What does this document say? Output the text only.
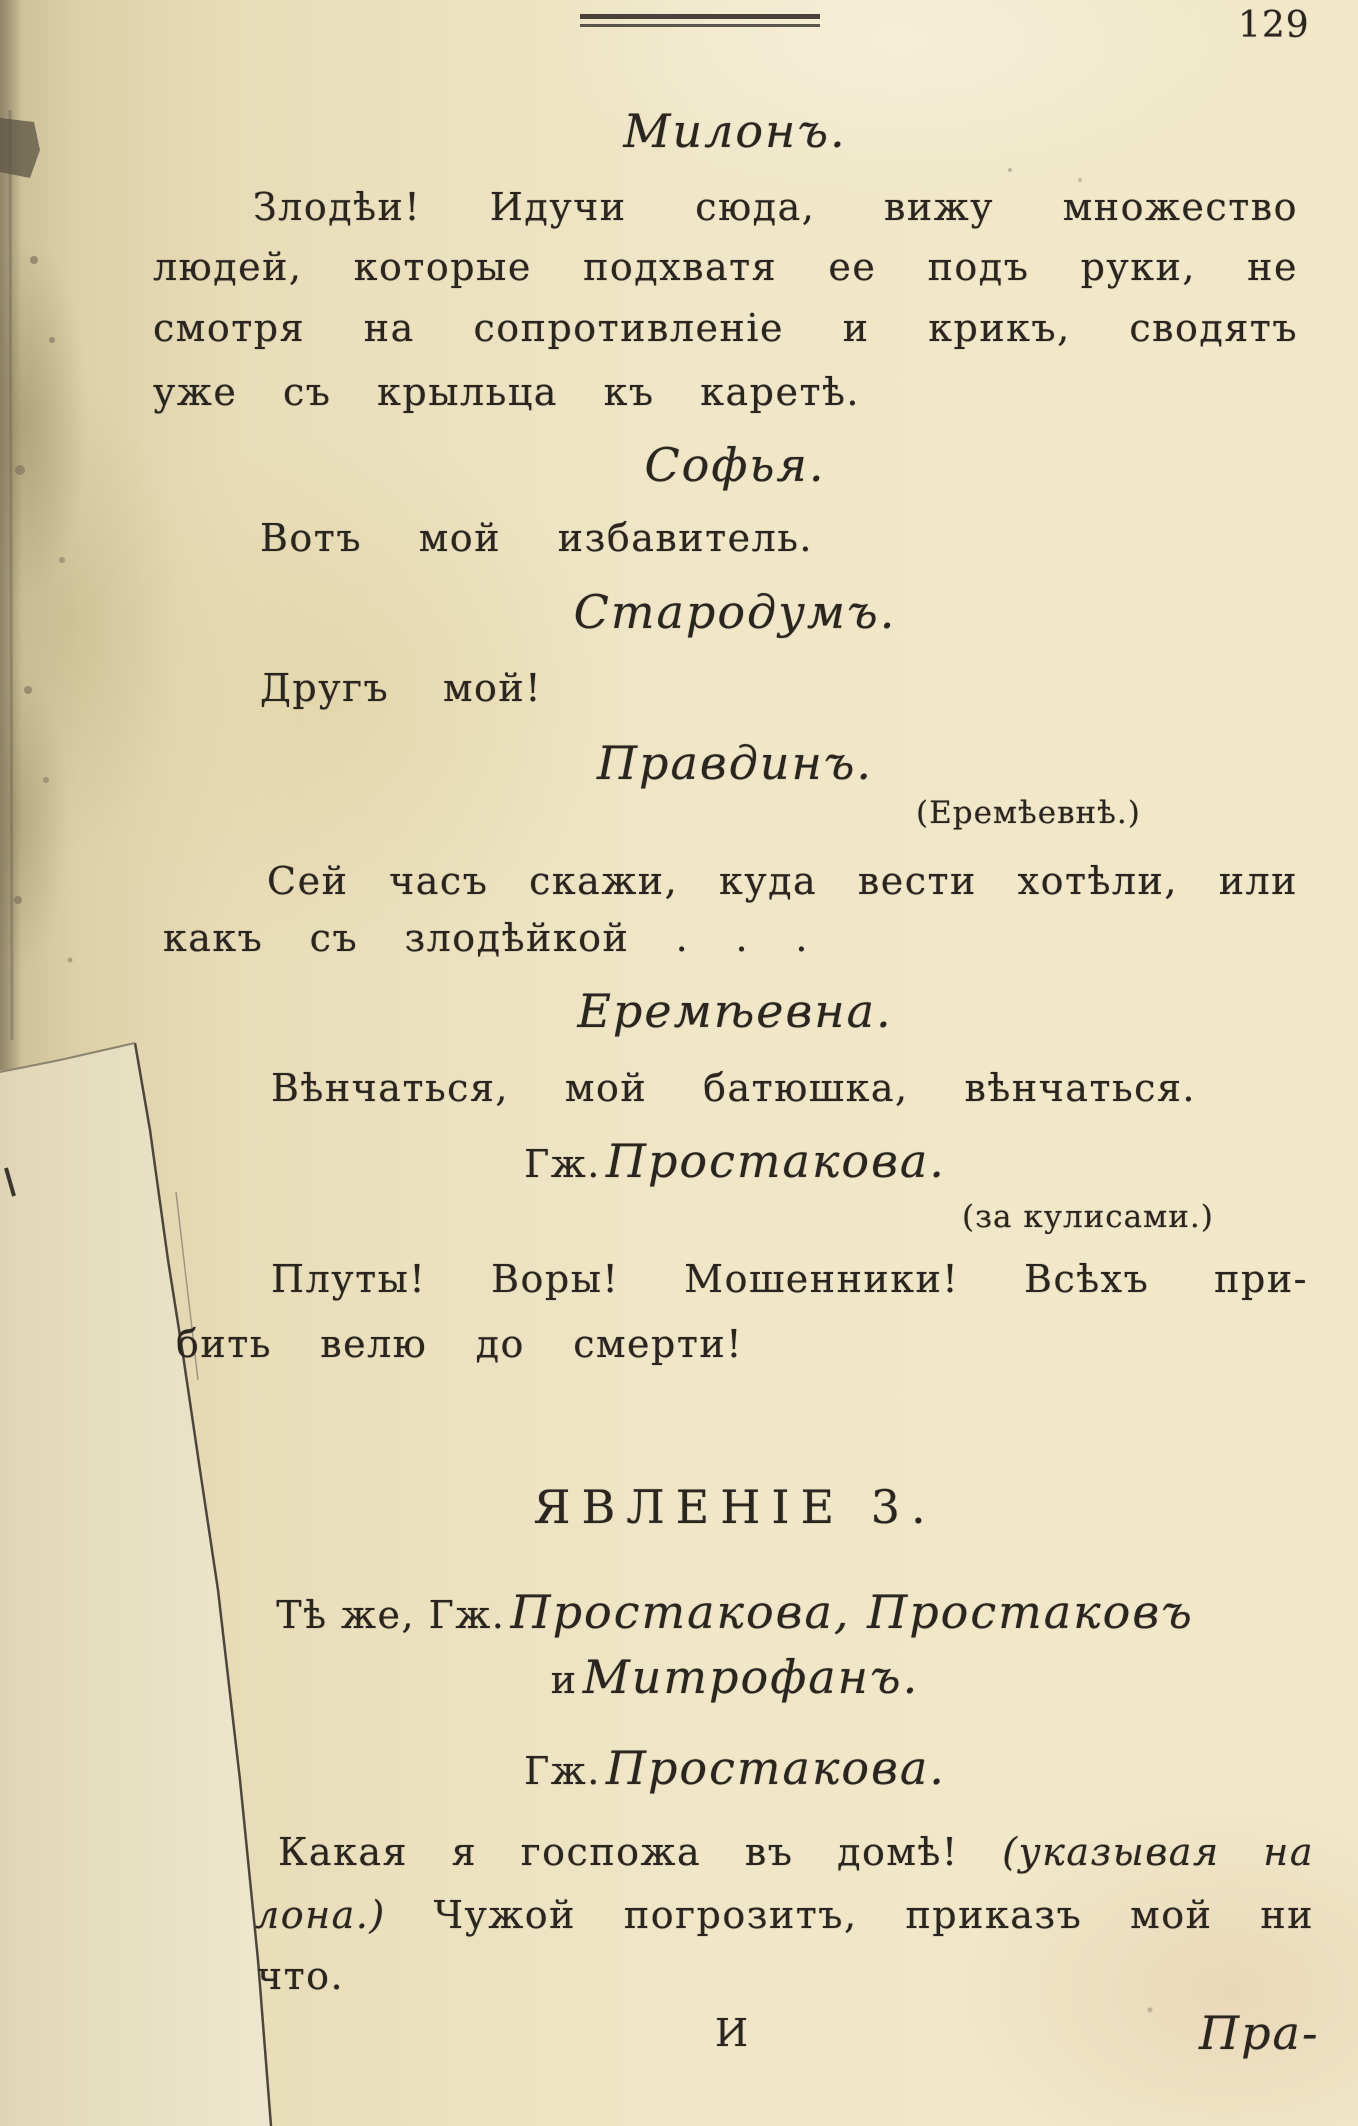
129
Милонъ.
Злодѣи! Идучи сюда, вижу множество
людей, которые подхватя ее подъ руки, не
смотря на сопротивленіе и крикъ, сводятъ
уже съ крыльца къ каретѣ.
Софья.
Вотъ мой избавитель.
Стародумъ.
Другъ мой!
Правдинъ.
(Еремѣевнѣ.)
Сей часъ скажи, куда вести хотѣли, или
какъ съ злодѣйкой . . .
Еремѣевна.
Вѣнчаться, мой батюшка, вѣнчаться.
Гж. Простакова.
(за кулисами.)
Плуты! Воры! Мошенники! Всѣхъ при-
бить велю до смерти!
ЯВЛЕНІЕ 3.
Тѣ же, Гж. Простакова, Простаковъ
и Митрофанъ.
Гж. Простакова.
Какая я госпожа въ домѣ! (указывая на
лона.) Чужой погрозитъ, приказъ мой ни
что.
И	Пра-
